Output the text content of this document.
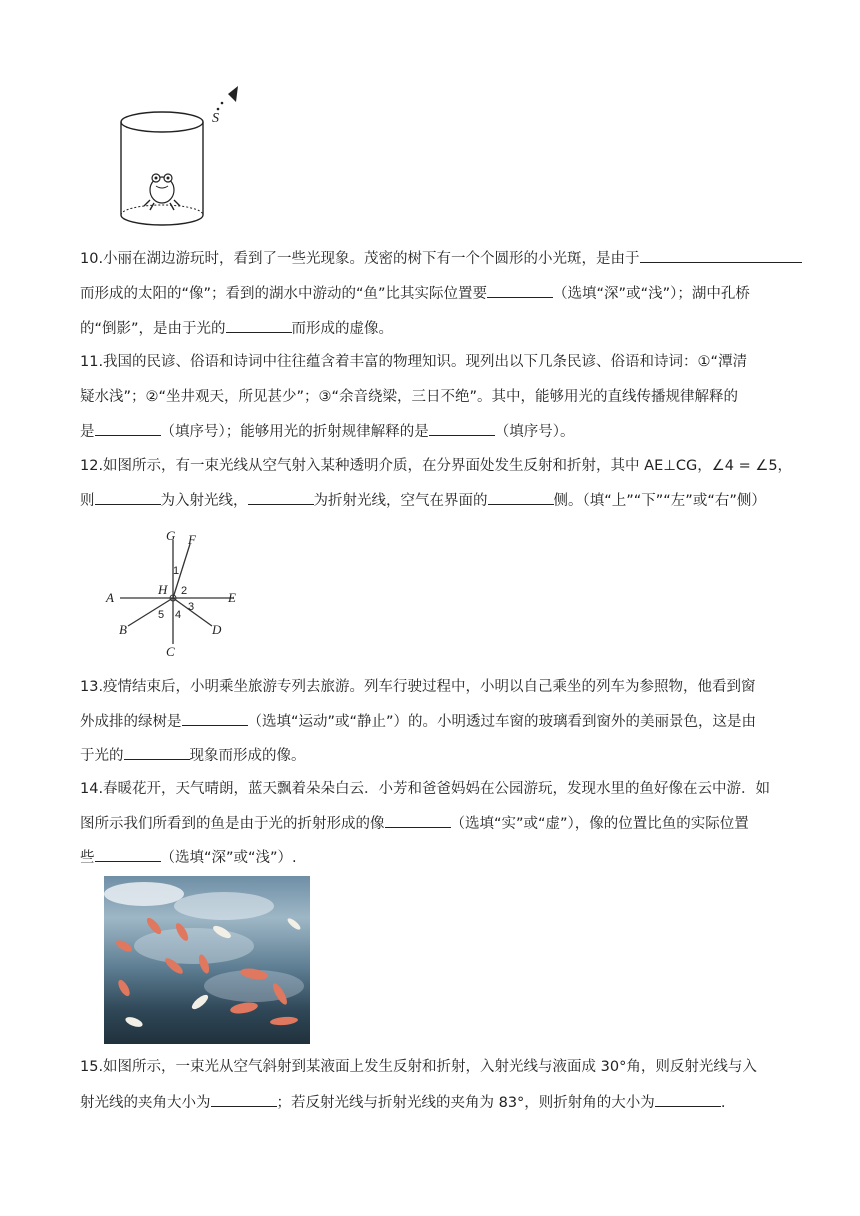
S
10.小丽在湖边游玩时，看到了一些光现象。茂密的树下有一个个圆形的小光斑，是由于
而形成的太阳的“像”；看到的湖水中游动的“鱼”比其实际位置要	（选填“深”或“浅”）；湖中孔桥
的“倒影”，是由于光的	而形成的虚像。
11.我国的民谚、俗语和诗词中往往蕴含着丰富的物理知识。现列出以下几条民谚、俗语和诗词：①“潭清
疑水浅”；②“坐井观天，所见甚少”；③“余音绕梁，三日不绝”。其中，能够用光的直线传播规律解释的
是	（填序号）；能够用光的折射规律解释的是	（填序号）。
12.如图所示，有一束光线从空气射入某种透明介质，在分界面处发生反射和折射，其中 AE⊥CG，∠4 = ∠5，
则	为入射光线，	为折射光线，空气在界面的	侧。（填“上”“下”“左”或“右”侧）
G F
A	E
B
C
D
H
1
2
3
4
5
13.疫情结束后，小明乘坐旅游专列去旅游。列车行驶过程中，小明以自己乘坐的列车为参照物，他看到窗
外成排的绿树是	（选填“运动”或“静止”）的。小明透过车窗的玻璃看到窗外的美丽景色，这是由
于光的	现象而形成的像。
14.春暖花开，天气晴朗，蓝天飘着朵朵白云．小芳和爸爸妈妈在公园游玩，发现水里的鱼好像在云中游．如
图所示我们所看到的鱼是由于光的折射形成的像	（选填“实”或“虚”），像的位置比鱼的实际位置
些	（选填“深”或“浅”）.
15.如图所示，一束光从空气斜射到某液面上发生反射和折射，入射光线与液面成 30°角，则反射光线与入
射光线的夹角大小为	；若反射光线与折射光线的夹角为 83°，则折射角的大小为	.
